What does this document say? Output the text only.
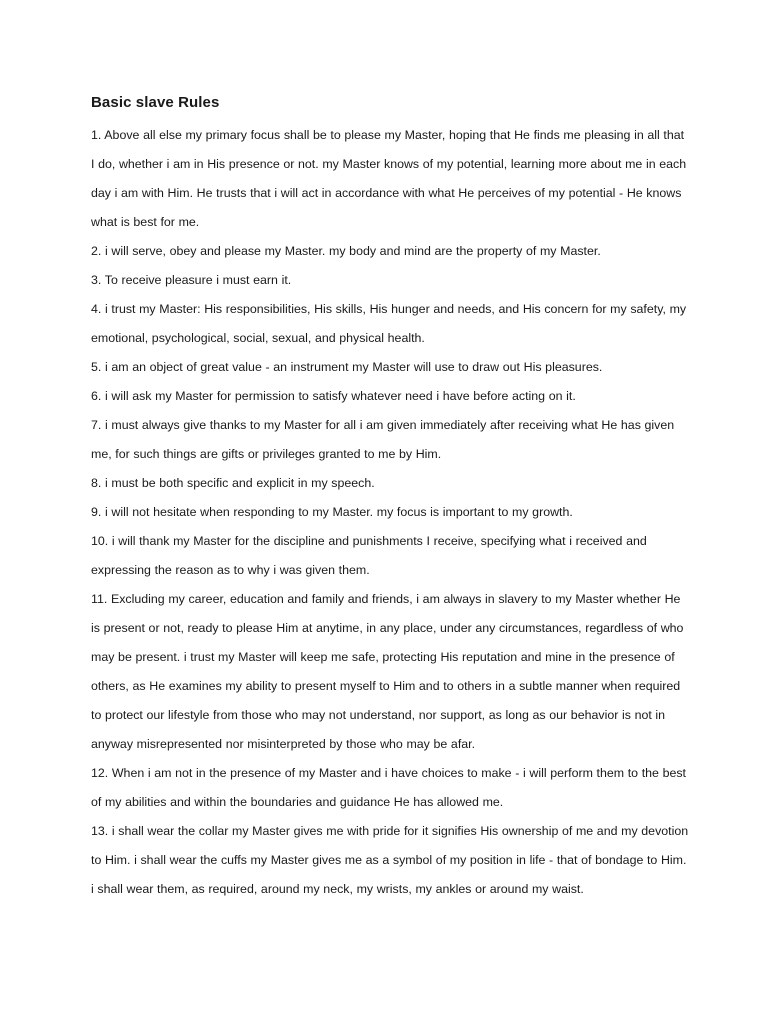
Basic slave Rules

1. Above all else my primary focus shall be to please my Master, hoping that He finds me pleasing in all that I do, whether i am in His presence or not. my Master knows of my potential, learning more about me in each day i am with Him. He trusts that i will act in accordance with what He perceives of my potential - He knows what is best for me.

2. i will serve, obey and please my Master. my body and mind are the property of my Master.

3. To receive pleasure i must earn it.

4. i trust my Master: His responsibilities, His skills, His hunger and needs, and His concern for my safety, my emotional, psychological, social, sexual, and physical health.

5. i am an object of great value - an instrument my Master will use to draw out His pleasures.

6. i will ask my Master for permission to satisfy whatever need i have before acting on it.

7. i must always give thanks to my Master for all i am given immediately after receiving what He has given me, for such things are gifts or privileges granted to me by Him.

8. i must be both specific and explicit in my speech.

9. i will not hesitate when responding to my Master. my focus is important to my growth.

10. i will thank my Master for the discipline and punishments I receive, specifying what i received and expressing the reason as to why i was given them.

11. Excluding my career, education and family and friends, i am always in slavery to my Master whether He is present or not, ready to please Him at anytime, in any place, under any circumstances, regardless of who may be present. i trust my Master will keep me safe, protecting His reputation and mine in the presence of others, as He examines my ability to present myself to Him and to others in a subtle manner when required to protect our lifestyle from those who may not understand, nor support, as long as our behavior is not in anyway misrepresented nor misinterpreted by those who may be afar.

12. When i am not in the presence of my Master and i have choices to make - i will perform them to the best of my abilities and within the boundaries and guidance He has allowed me.

13. i shall wear the collar my Master gives me with pride for it signifies His ownership of me and my devotion to Him. i shall wear the cuffs my Master gives me as a symbol of my position in life - that of bondage to Him. i shall wear them, as required, around my neck, my wrists, my ankles or around my waist.
